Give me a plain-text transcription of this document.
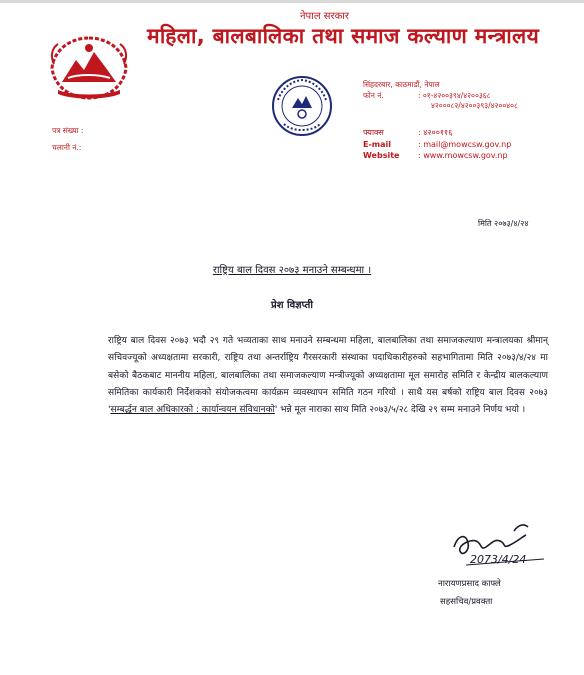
नेपाल सरकार
महिला, बालबालिका तथा समाज कल्याण मन्त्रालय
सिंहदरबार, काठमाडौं, नेपाल
फोन नं.	: ०१-४२००३९४/४२००३६८
४२०००८२/४२००३९३/४२००४०८
फ्याक्स	: ४२००११६
E-mail	: mail@mowcsw.gov.np
Website : www.mowcsw.gov.np
पत्र संख्या :
चलानी नं.:
मिति २०७३/४/२४
राष्ट्रिय बाल दिवस २०७३ मनाउने सम्बन्धमा ।
प्रेश विज्ञप्ती
राष्ट्रिय बाल दिवस २०७३ भदौ २९ गते भव्यताका साथ मनाउने सम्बन्धमा महिला, बालबालिका तथा समाजकल्याण मन्त्रालयका श्रीमान् सचिवज्यूको अध्यक्षतामा सरकारी, राष्ट्रिय तथा अन्तर्राष्ट्रिय गैरसरकारी संस्थाका पदाधिकारीहरुको सहभागितामा मिति २०७३/४/२४ मा बसेको बैठकबाट माननीय महिला, बालबालिका तथा समाजकल्याण मन्त्रीज्यूको अध्यक्षतामा मूल समारोह समिति र केन्द्रीय बालकल्याण समितिका कार्यकारी निर्देशकको संयोजकत्वमा कार्यक्रम व्यवस्थापन समिति गठन गरियो । साथै यस बर्षको राष्ट्रिय बाल दिवस २०७३ 'सम्बर्द्धन बाल अधिकारको : कार्यान्वयन संविधानको' भन्ने मूल नाराका साथ मिति २०७३/५/२८ देखि २९ सम्म मनाउने निर्णय भयो ।
2073/4/24
नारायणप्रसाद काफ्ले
सहसचिव/प्रवक्ता
